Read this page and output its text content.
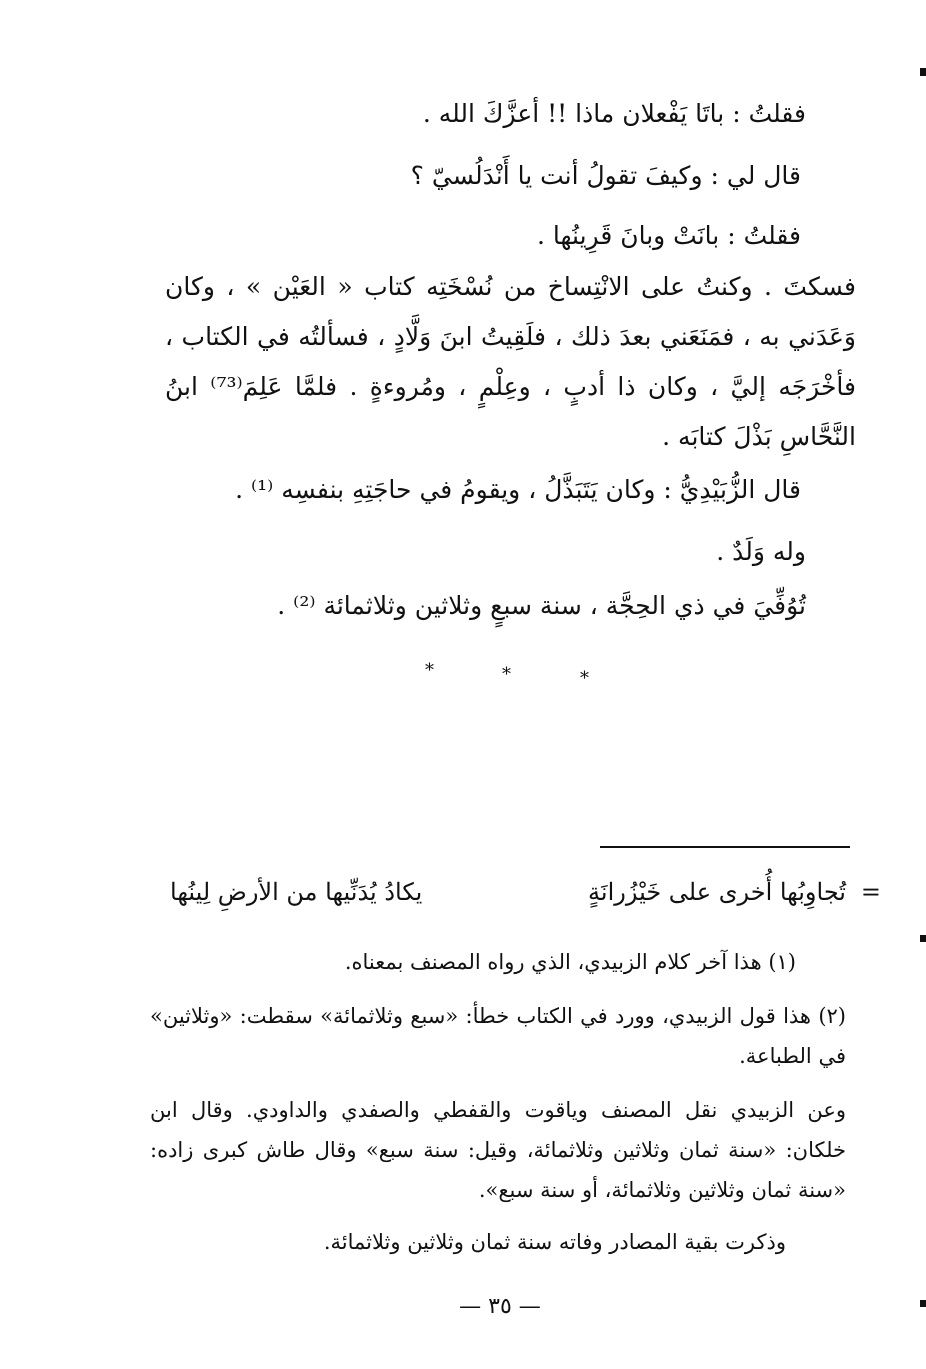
فقلتُ : باتَا يَفْعلان ماذا !! أعزَّكَ الله .
قال لي : وكيفَ تقولُ أنت يا أَنْدَلُسيّ ؟
فقلتُ : بانَتْ وبانَ قَرِينُها .
فسكتَ . وكنتُ على الانْتِساخ من نُسْخَتِه كتاب « العَيْن » ، وكان وَعَدَني به ، فمَنَعَني بعدَ ذلك ، فلَقِيتُ ابنَ وَلَّادٍ ، فسألتُه في الكتاب ، فأخْرَجَه إليَّ ، وكان ذا أدبٍ ، وعِلْمٍ ، ومُروءةٍ . فلمَّا عَلِمَ⁽⁷³⁾ ابنُ النَّحَّاسِ بَذْلَ كتابَه .
قال الزُّبَيْدِيُّ : وكان يَتَبَذَّلُ ، ويقومُ في حاجَتِهِ بنفسِه ⁽¹⁾ .
وله وَلَدٌ .
تُوُفِّيَ في ذي الحِجَّة ، سنة سبعٍ وثلاثين وثلاثمائة ⁽²⁾ .
*	*	*
=
تُجاوِبُها أُخرى على خَيْزُرانَةٍ
يكادُ يُدَنِّيها من الأرضِ لِينُها
(١) هذا آخر كلام الزبيدي، الذي رواه المصنف بمعناه.
(٢) هذا قول الزبيدي، وورد في الكتاب خطأ: «سبع وثلاثمائة» سقطت: «وثلاثين» في الطباعة.
وعن الزبيدي نقل المصنف وياقوت والقفطي والصفدي والداودي. وقال ابن خلكان: «سنة ثمان وثلاثين وثلاثمائة، وقيل: سنة سبع» وقال طاش كبرى زاده: «سنة ثمان وثلاثين وثلاثمائة، أو سنة سبع».
وذكرت بقية المصادر وفاته سنة ثمان وثلاثين وثلاثمائة.
— ٣٥ —
